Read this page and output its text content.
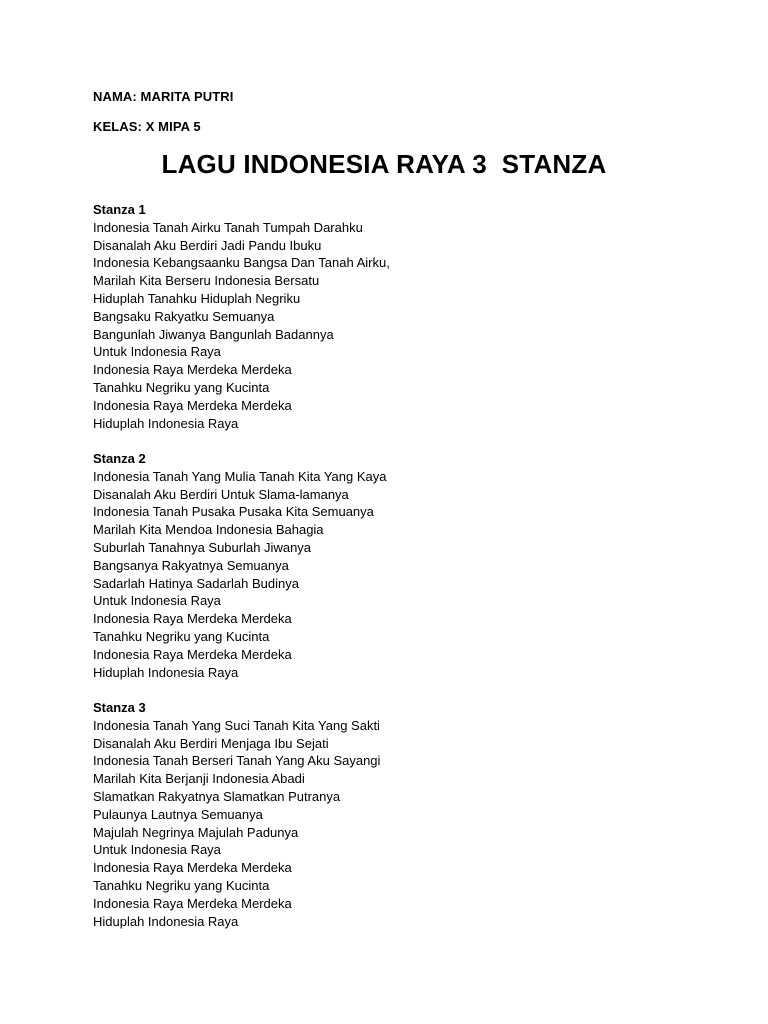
NAMA: MARITA PUTRI
KELAS: X MIPA 5
LAGU INDONESIA RAYA 3  STANZA
Stanza 1
Indonesia Tanah Airku Tanah Tumpah Darahku
Disanalah Aku Berdiri Jadi Pandu Ibuku
Indonesia Kebangsaanku Bangsa Dan Tanah Airku,
Marilah Kita Berseru Indonesia Bersatu
Hiduplah Tanahku Hiduplah Negriku
Bangsaku Rakyatku Semuanya
Bangunlah Jiwanya Bangunlah Badannya
Untuk Indonesia Raya
Indonesia Raya Merdeka Merdeka
Tanahku Negriku yang Kucinta
Indonesia Raya Merdeka Merdeka
Hiduplah Indonesia Raya
Stanza 2
Indonesia Tanah Yang Mulia Tanah Kita Yang Kaya
Disanalah Aku Berdiri Untuk Slama-lamanya
Indonesia Tanah Pusaka Pusaka Kita Semuanya
Marilah Kita Mendoa Indonesia Bahagia
Suburlah Tanahnya Suburlah Jiwanya
Bangsanya Rakyatnya Semuanya
Sadarlah Hatinya Sadarlah Budinya
Untuk Indonesia Raya
Indonesia Raya Merdeka Merdeka
Tanahku Negriku yang Kucinta
Indonesia Raya Merdeka Merdeka
Hiduplah Indonesia Raya
Stanza 3
Indonesia Tanah Yang Suci Tanah Kita Yang Sakti
Disanalah Aku Berdiri Menjaga Ibu Sejati
Indonesia Tanah Berseri Tanah Yang Aku Sayangi
Marilah Kita Berjanji Indonesia Abadi
Slamatkan Rakyatnya Slamatkan Putranya
Pulaunya Lautnya Semuanya
Majulah Negrinya Majulah Padunya
Untuk Indonesia Raya
Indonesia Raya Merdeka Merdeka
Tanahku Negriku yang Kucinta
Indonesia Raya Merdeka Merdeka
Hiduplah Indonesia Raya
